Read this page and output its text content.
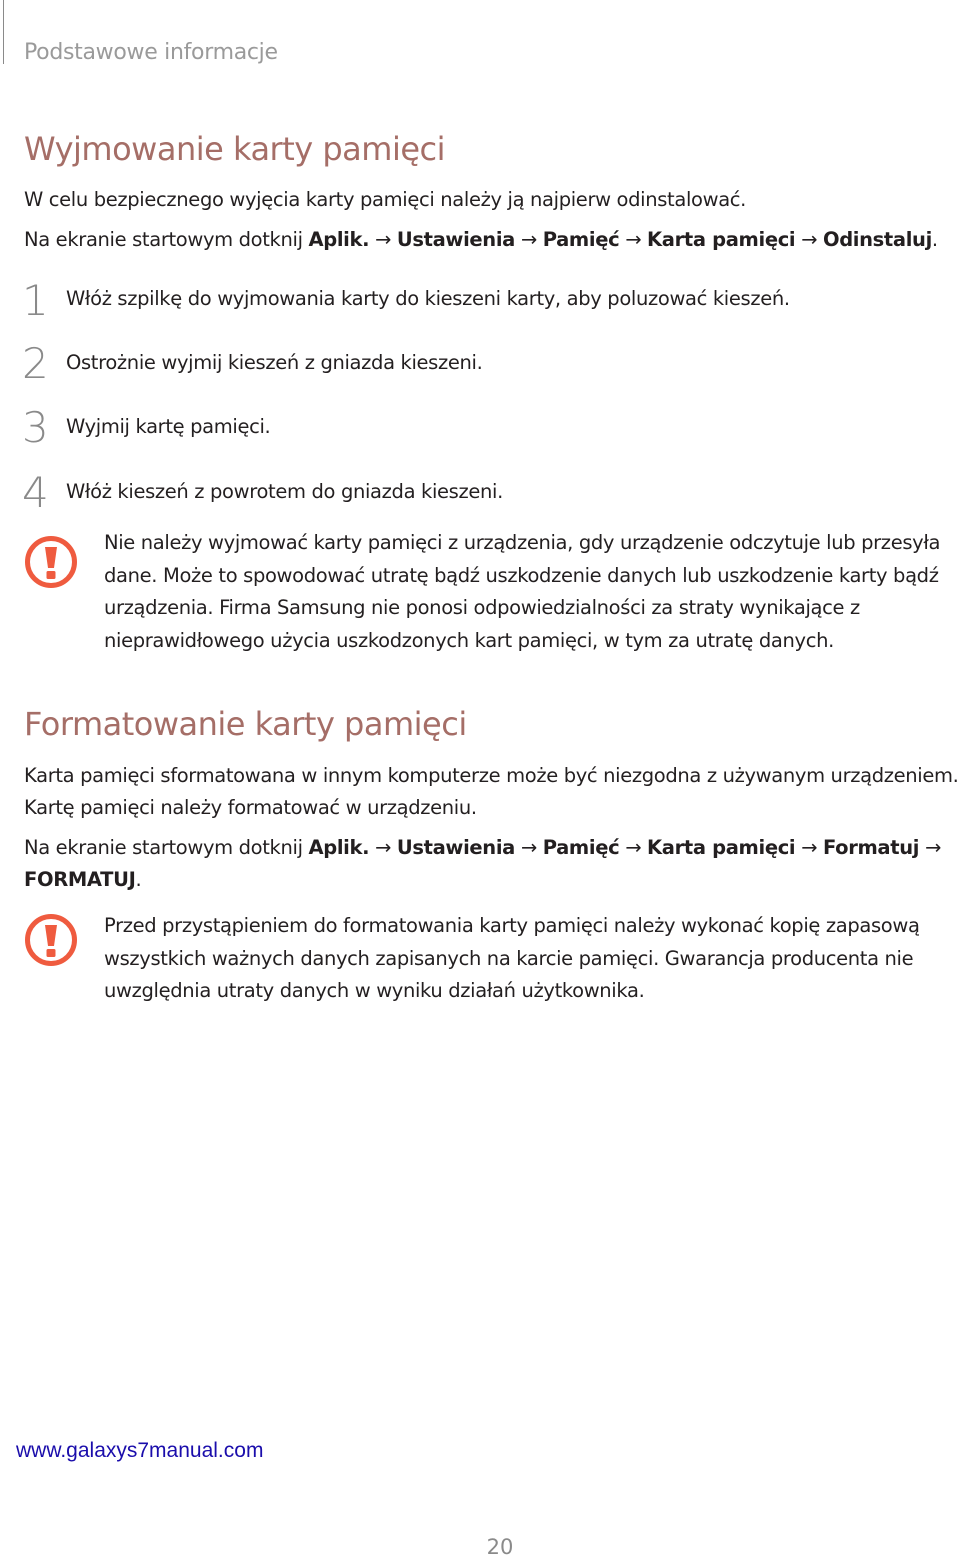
Podstawowe informacje
Wyjmowanie karty pamięci

W celu bezpiecznego wyjęcia karty pamięci należy ją najpierw odinstalować.

Na ekranie startowym dotknij Aplik. → Ustawienia → Pamięć → Karta pamięci → Odinstaluj.

1 Włóż szpilkę do wyjmowania karty do kieszeni karty, aby poluzować kieszeń.
2 Ostrożnie wyjmij kieszeń z gniazda kieszeni.
3 Wyjmij kartę pamięci.
4 Włóż kieszeń z powrotem do gniazda kieszeni.

Nie należy wyjmować karty pamięci z urządzenia, gdy urządzenie odczytuje lub przesyła dane. Może to spowodować utratę bądź uszkodzenie danych lub uszkodzenie karty bądź urządzenia. Firma Samsung nie ponosi odpowiedzialności za straty wynikające z nieprawidłowego użycia uszkodzonych kart pamięci, w tym za utratę danych.

Formatowanie karty pamięci

Karta pamięci sformatowana w innym komputerze może być niezgodna z używanym urządzeniem.

Kartę pamięci należy formatować w urządzeniu.

Na ekranie startowym dotknij Aplik. → Ustawienia → Pamięć → Karta pamięci → Formatuj →

FORMATUJ.

Przed przystąpieniem do formatowania karty pamięci należy wykonać kopię zapasową wszystkich ważnych danych zapisanych na karcie pamięci. Gwarancja producenta nie uwzględnia utraty danych w wyniku działań użytkownika.

www.galaxys7manual.com
20
